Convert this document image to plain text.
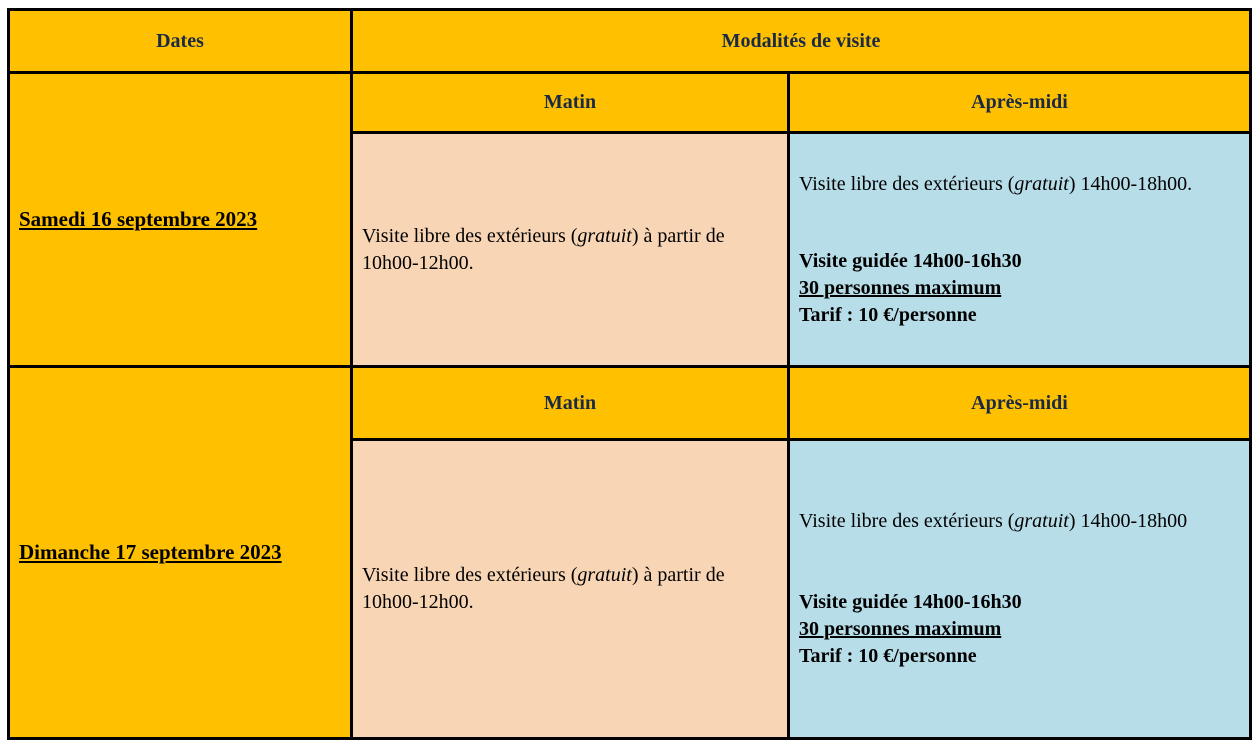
Dates	Modalités de visite	
Samedi 16 septembre 2023	Matin	Après-midi

	Visite libre des extérieurs (gratuit) à partir de 10h00-12h00.	Visite libre des extérieurs (gratuit) 14h00-18h00.
Visite guidée 14h00-16h30
30 personnes maximum
Tarif : 10 €/personne

Dimanche 17 septembre 2023	Matin	Après-midi

	Visite libre des extérieurs (gratuit) à partir de 10h00-12h00.	Visite libre des extérieurs (gratuit) 14h00-18h00
Visite guidée 14h00-16h30
30 personnes maximum
Tarif : 10 €/personne
